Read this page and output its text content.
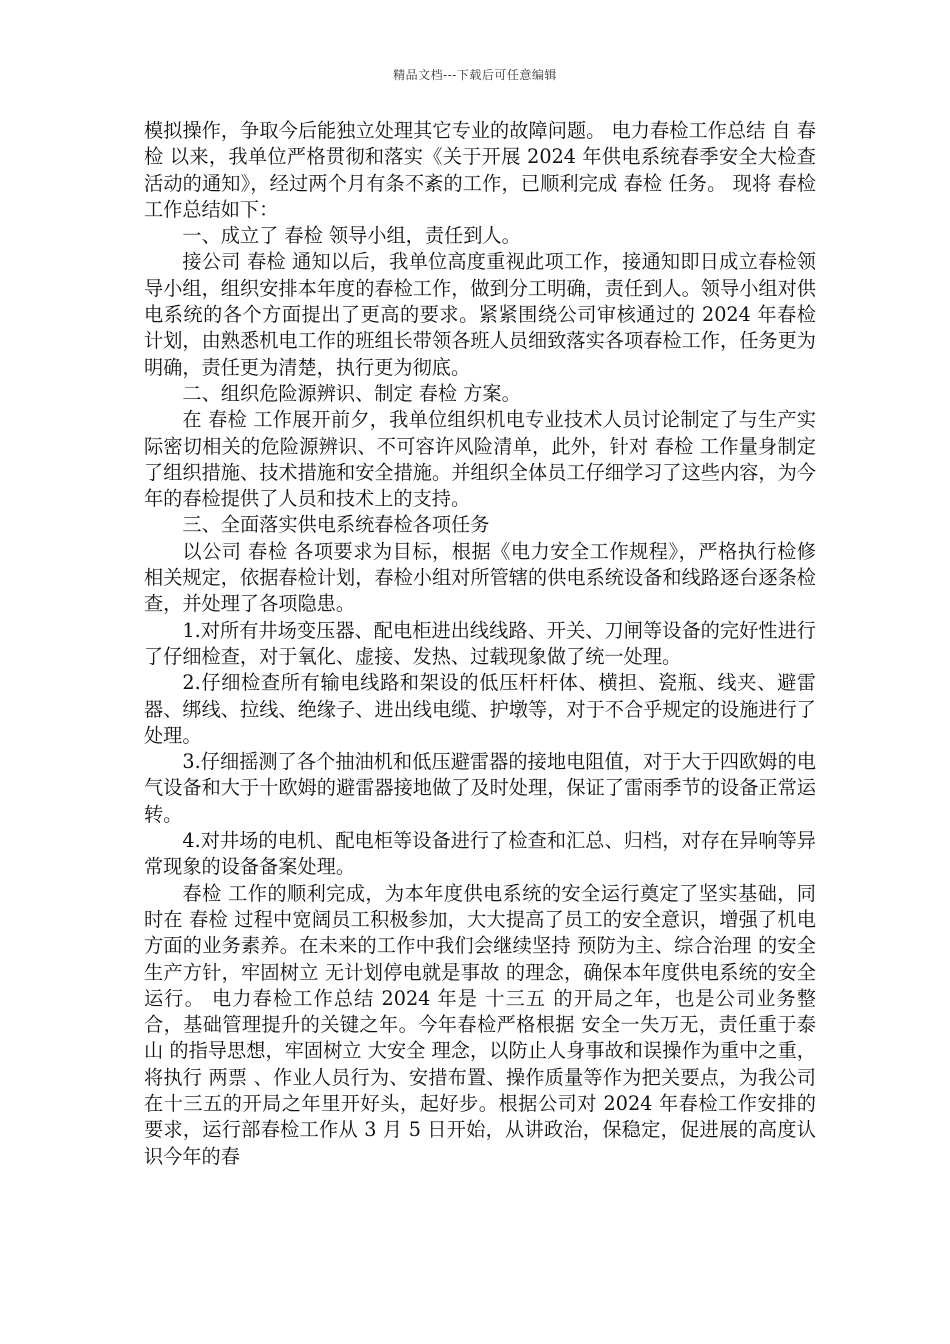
精品文档---下载后可任意编辑

模拟操作，争取今后能独立处理其它专业的故障问题。 电力春检工作总结 自 春检 以来，我单位严格贯彻和落实《关于开展 2024 年供电系统春季安全大检查活动的通知》，经过两个月有条不紊的工作，已顺利完成 春检 任务。 现将 春检 工作总结如下：

一、成立了 春检 领导小组，责任到人。

接公司 春检 通知以后，我单位高度重视此项工作，接通知即日成立春检领导小组，组织安排本年度的春检工作，做到分工明确，责任到人。领导小组对供电系统的各个方面提出了更高的要求。紧紧围绕公司审核通过的 2024 年春检计划，由熟悉机电工作的班组长带领各班人员细致落实各项春检工作，任务更为明确，责任更为清楚，执行更为彻底。

二、组织危险源辨识、制定 春检 方案。

在 春检 工作展开前夕，我单位组织机电专业技术人员讨论制定了与生产实际密切相关的危险源辨识、不可容许风险清单，此外，针对 春检 工作量身制定了组织措施、技术措施和安全措施。并组织全体员工仔细学习了这些内容，为今年的春检提供了人员和技术上的支持。

三、全面落实供电系统春检各项任务

以公司 春检 各项要求为目标，根据《电力安全工作规程》，严格执行检修相关规定，依据春检计划，春检小组对所管辖的供电系统设备和线路逐台逐条检查，并处理了各项隐患。

1.对所有井场变压器、配电柜进出线线路、开关、刀闸等设备的完好性进行了仔细检查，对于氧化、虚接、发热、过载现象做了统一处理。

2.仔细检查所有输电线路和架设的低压杆杆体、横担、瓷瓶、线夹、避雷器、绑线、拉线、绝缘子、进出线电缆、护墩等，对于不合乎规定的设施进行了处理。

3.仔细摇测了各个抽油机和低压避雷器的接地电阻值，对于大于四欧姆的电气设备和大于十欧姆的避雷器接地做了及时处理，保证了雷雨季节的设备正常运转。

4.对井场的电机、配电柜等设备进行了检查和汇总、归档，对存在异响等异常现象的设备备案处理。

春检 工作的顺利完成，为本年度供电系统的安全运行奠定了坚实基础，同时在 春检 过程中宽阔员工积极参加，大大提高了员工的安全意识，增强了机电方面的业务素养。在未来的工作中我们会继续坚持 预防为主、综合治理 的安全生产方针，牢固树立 无计划停电就是事故 的理念，确保本年度供电系统的安全运行。 电力春检工作总结 2024 年是 十三五 的开局之年，也是公司业务整合，基础管理提升的关键之年。今年春检严格根据 安全一失万无，责任重于泰山 的指导思想，牢固树立 大安全 理念，以防止人身事故和误操作为重中之重，将执行 两票 、作业人员行为、安措布置、操作质量等作为把关要点，为我公司在十三五的开局之年里开好头，起好步。根据公司对 2024 年春检工作安排的要求，运行部春检工作从 3 月 5 日开始，从讲政治，保稳定，促进展的高度认识今年的春
